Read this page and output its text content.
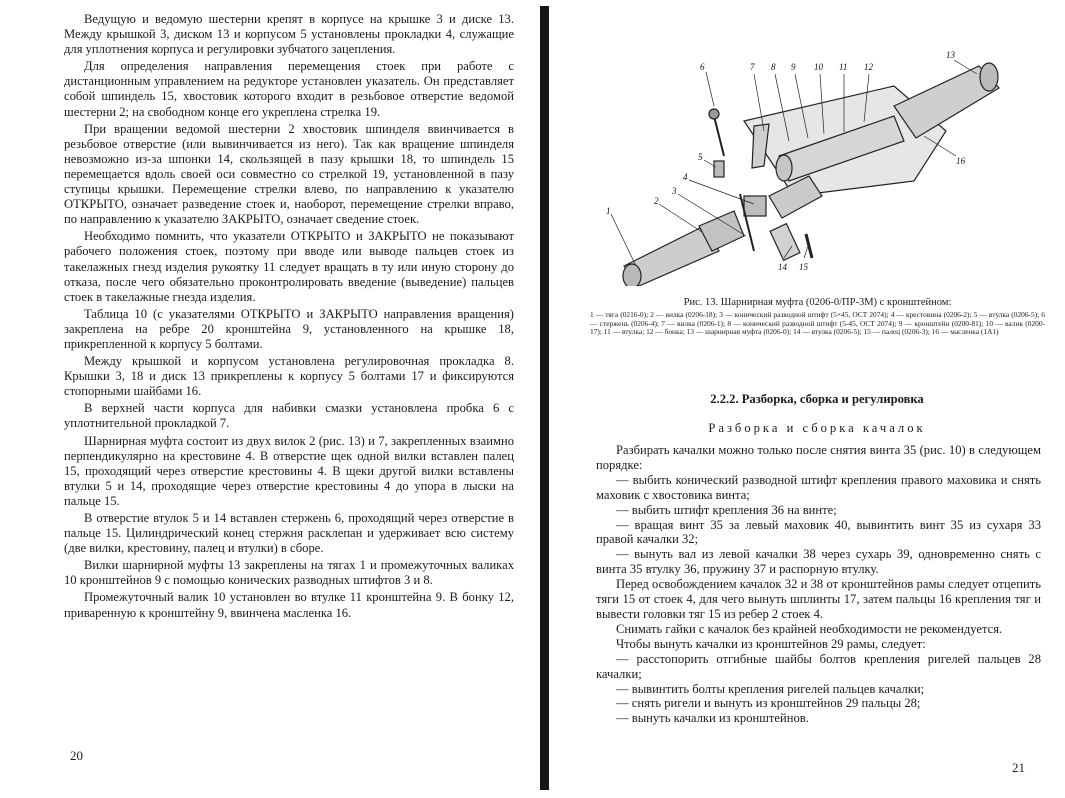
Ведущую и ведомую шестерни крепят в корпусе на крышке 3 и диске 13. Между крышкой 3, диском 13 и корпусом 5 установлены прокладки 4, служащие для уплотнения корпуса и регулировки зубчатого зацепления.

Для определения направления перемещения стоек при работе с дистанционным управлением на редукторе установлен указатель. Он представляет собой шпиндель 15, хвостовик которого входит в резьбовое отверстие ведомой шестерни 2; на свободном конце его укреплена стрелка 19.

При вращении ведомой шестерни 2 хвостовик шпинделя ввинчивается в резьбовое отверстие (или вывинчивается из него). Так как вращение шпинделя невозможно из-за шпонки 14, скользящей в пазу крышки 18, то шпиндель 15 перемещается вдоль своей оси совместно со стрелкой 19, установленной в пазу ступицы крышки. Перемещение стрелки влево, по направлению к указателю ОТКРЫТО, означает разведение стоек и, наоборот, перемещение стрелки вправо, по направлению к указателю ЗАКРЫТО, означает сведение стоек.

Необходимо помнить, что указатели ОТКРЫТО и ЗАКРЫТО не показывают рабочего положения стоек, поэтому при вводе или выводе пальцев стоек из такелажных гнезд изделия рукоятку 11 следует вращать в ту или иную сторону до отказа, после чего обязательно проконтролировать введение (выведение) пальцев стоек в такелажные гнезда изделия.

Таблица 10 (с указателями ОТКРЫТО и ЗАКРЫТО направления вращения) закреплена на ребре 20 кронштейна 9, установленного на крышке 18, прикрепленной к корпусу 5 болтами.

Между крышкой и корпусом установлена регулировочная прокладка 8. Крышки 3, 18 и диск 13 прикреплены к корпусу 5 болтами 17 и фиксируются стопорными шайбами 16.

В верхней части корпуса для набивки смазки установлена пробка 6 с уплотнительной прокладкой 7.

Шарнирная муфта состоит из двух вилок 2 (рис. 13) и 7, закрепленных взаимно перпендикулярно на крестовине 4. В отверстие щек одной вилки вставлен палец 15, проходящий через отверстие крестовины 4. В щеки другой вилки вставлены втулки 5 и 14, проходящие через отверстие крестовины 4 до упора в лыски на пальце 15.

В отверстие втулок 5 и 14 вставлен стержень 6, проходящий через отверстие в пальце 15. Цилиндрический конец стержня расклепан и удерживает всю систему (две вилки, крестовину, палец и втулки) в сборе.

Вилки шарнирной муфты 13 закреплены на тягах 1 и промежуточных валиках 10 кронштейнов 9 с помощью конических разводных штифтов 3 и 8.

Промежуточный валик 10 установлен во втулке 11 кронштейна 9. В бонку 12, приваренную к кронштейну 9, ввинчена масленка 16.

20
6	7 8 9 10 11 12
13
16
5
4
3
2
1
14 15
Рис. 13. Шарнирная муфта (0206-0/ПР-3М) с кронштейном:
1 — тяга (0216-0); 2 — вилка (0206-18); 3 — конический разводной штифт (5×45, ОСТ 2074); 4 — крестовина (0206-2); 5 — втулка (0206-5); 6 — стержень (0206-4); 7 — вилка (0206-1); 8 — конический разводной штифт (5-45, ОСТ 2074); 9 — кронштейн (0200-81); 10 — валик (0200-17); 11 — втулка; 12 — бонка; 13 — шарнирная муфта (0206-0); 14 — втулка (0206-5); 15 — палец (0206-3); 16 — масленка (1А1)
2.2.2. Разборка, сборка и регулировка
Разборка и сборка качалок

Разбирать качалки можно только после снятия винта 35 (рис. 10) в следующем порядке:

— выбить конический разводной штифт крепления правого маховика и снять маховик с хвостовика винта;

— выбить штифт крепления 36 на винте;

— вращая винт 35 за левый маховик 40, вывинтить винт 35 из сухаря 33 правой качалки 32;

— вынуть вал из левой качалки 38 через сухарь 39, одновременно снять с винта 35 втулку 36, пружину 37 и распорную втулку.

Перед освобождением качалок 32 и 38 от кронштейнов рамы следует отцепить тяги 15 от стоек 4, для чего вынуть шплинты 17, затем пальцы 16 крепления тяг и вывести головки тяг 15 из ребер 2 стоек 4.

Снимать гайки с качалок без крайней необходимости не рекомендуется.

Чтобы вынуть качалки из кронштейнов 29 рамы, следует:

— расстопорить отгибные шайбы болтов крепления ригелей пальцев 28 качалки;

— вывинтить болты крепления ригелей пальцев качалки;

— снять ригели и вынуть из кронштейнов 29 пальцы 28;

— вынуть качалки из кронштейнов.

21
